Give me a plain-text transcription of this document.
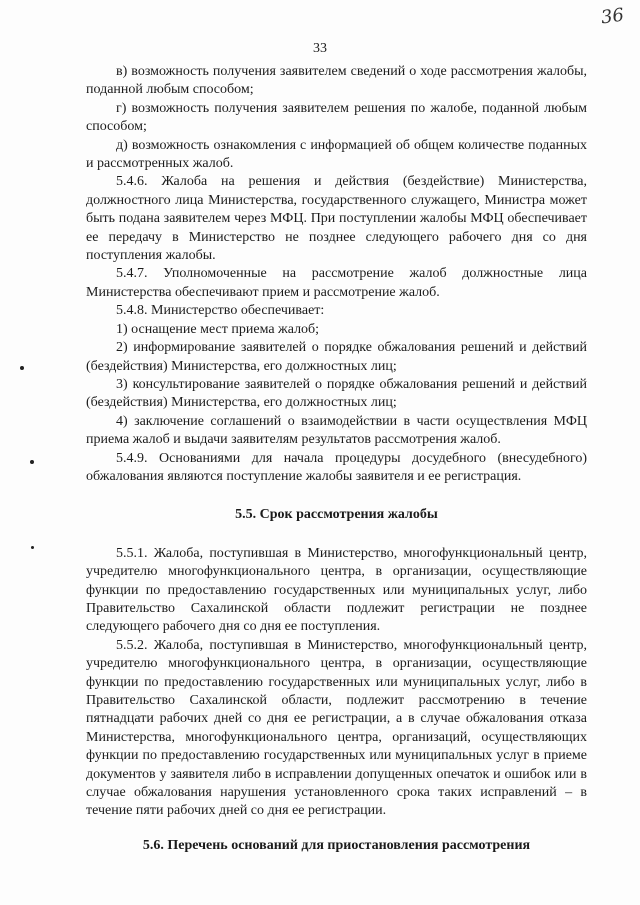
36
33

в) возможность получения заявителем сведений о ходе рассмотрения жалобы, поданной любым способом;

г) возможность получения заявителем решения по жалобе, поданной любым способом;

д) возможность ознакомления с информацией об общем количестве поданных и рассмотренных жалоб.

5.4.6. Жалоба на решения и действия (бездействие) Министерства, должностного лица Министерства, государственного служащего, Министра может быть подана заявителем через МФЦ. При поступлении жалобы МФЦ обеспечивает ее передачу в Министерство не позднее следующего рабочего дня со дня поступления жалобы.

5.4.7. Уполномоченные на рассмотрение жалоб должностные лица Министерства обеспечивают прием и рассмотрение жалоб.

5.4.8. Министерство обеспечивает:

1) оснащение мест приема жалоб;

2) информирование заявителей о порядке обжалования решений и действий (бездействия) Министерства, его должностных лиц;

3) консультирование заявителей о порядке обжалования решений и действий (бездействия) Министерства, его должностных лиц;

4) заключение соглашений о взаимодействии в части осуществления МФЦ приема жалоб и выдачи заявителям результатов рассмотрения жалоб.

5.4.9. Основаниями для начала процедуры досудебного (внесудебного) обжалования являются поступление жалобы заявителя и ее регистрация.

5.5. Срок рассмотрения жалобы

5.5.1. Жалоба, поступившая в Министерство, многофункциональный центр, учредителю многофункционального центра, в организации, осуществляющие функции по предоставлению государственных или муниципальных услуг, либо Правительство Сахалинской области подлежит регистрации не позднее следующего рабочего дня со дня ее поступления.

5.5.2. Жалоба, поступившая в Министерство, многофункциональный центр, учредителю многофункционального центра, в организации, осуществляющие функции по предоставлению государственных или муниципальных услуг, либо в Правительство Сахалинской области, подлежит рассмотрению в течение пятнадцати рабочих дней со дня ее регистрации, а в случае обжалования отказа Министерства, многофункционального центра, организаций, осуществляющих функции по предоставлению государственных или муниципальных услуг в приеме документов у заявителя либо в исправлении допущенных опечаток и ошибок или в случае обжалования нарушения установленного срока таких исправлений – в течение пяти рабочих дней со дня ее регистрации.

5.6. Перечень оснований для приостановления рассмотрения
